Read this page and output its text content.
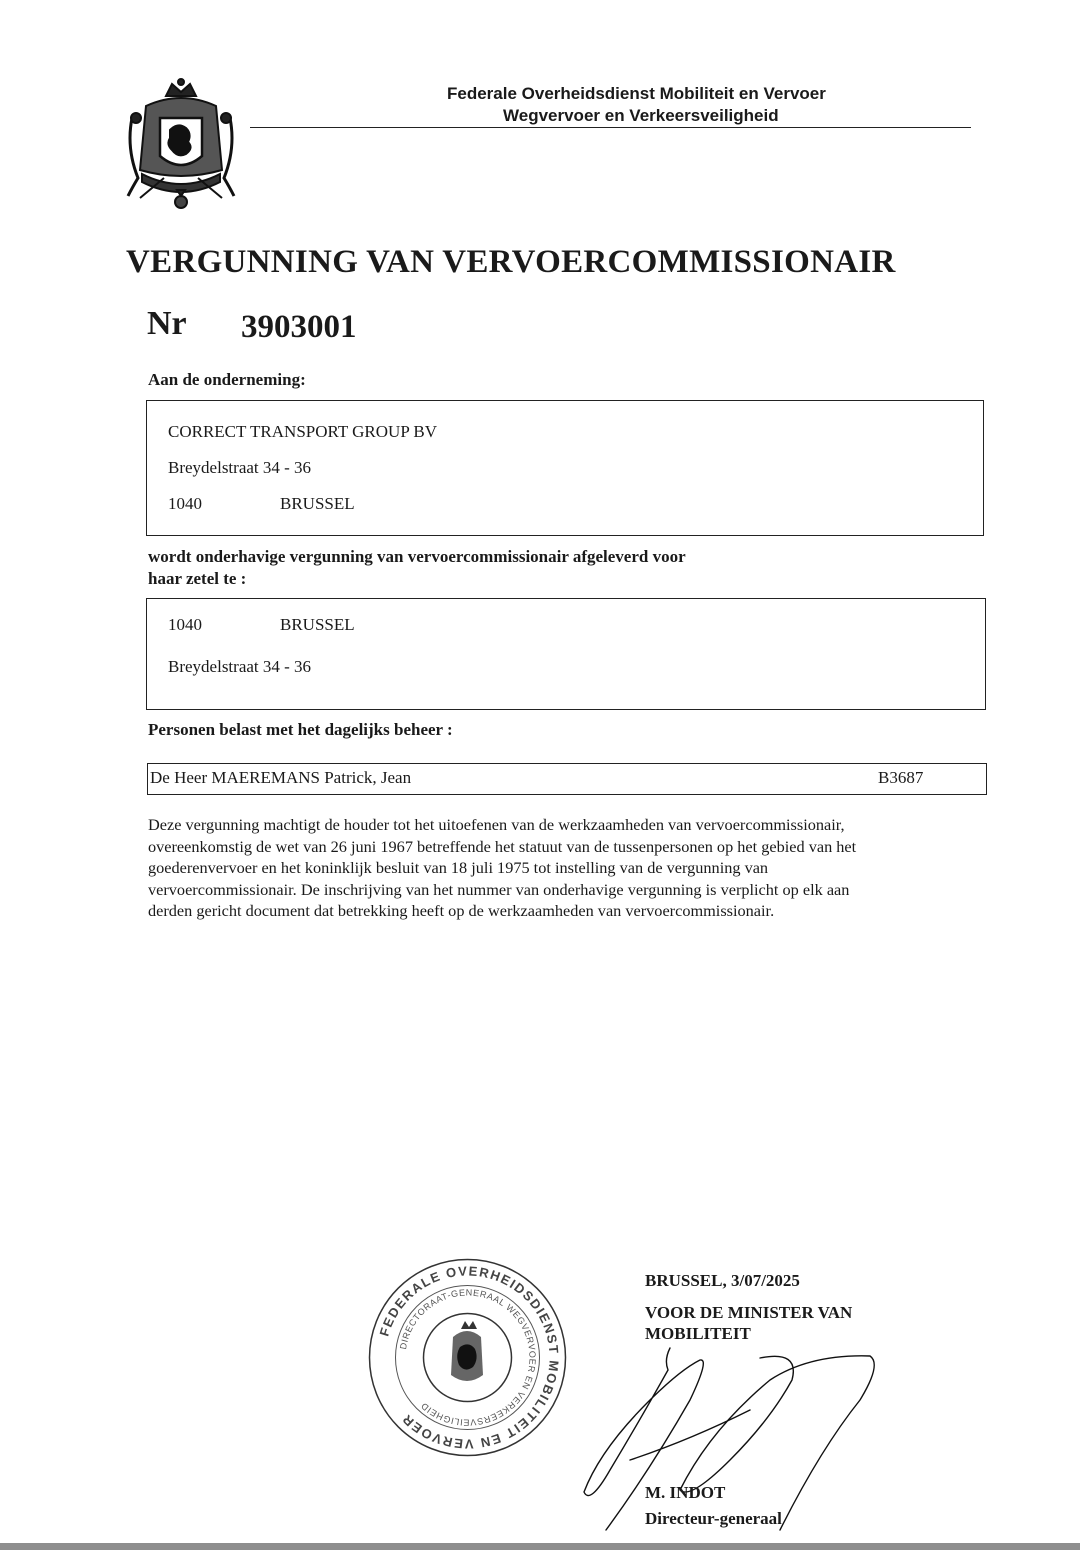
Federale Overheidsdienst Mobiliteit en Vervoer
Wegvervoer en Verkeersveiligheid
VERGUNNING VAN VERVOERCOMMISSIONAIR
Nr 3903001
Aan de onderneming:
CORRECT TRANSPORT GROUP BV
Breydelstraat 34 - 36
1040	BRUSSEL
wordt onderhavige vergunning van vervoercommissionair afgeleverd voor
haar zetel te :
1040	BRUSSEL
Breydelstraat 34 - 36
Personen belast met het dagelijks beheer :
De Heer MAEREMANS Patrick, Jean	B3687
Deze vergunning machtigt de houder tot het uitoefenen van de werkzaamheden van vervoercommissionair,
overeenkomstig de wet van 26 juni 1967 betreffende het statuut van de tussenpersonen op het gebied van het
goederenvervoer en het koninklijk besluit van 18 juli 1975 tot instelling van de vergunning van
vervoercommissionair. De inschrijving van het nummer van onderhavige vergunning is verplicht op elk aan
derden gericht document dat betrekking heeft op de werkzaamheden van vervoercommissionair.
FEDERALE OVERHEIDSDIENST MOBILITEIT EN VERVOER
DIRECTORAAT-GENERAAL WEGVERVOER EN VERKEERSVEILIGHEID
BRUSSEL, 3/07/2025
VOOR DE MINISTER VAN
MOBILITEIT
M. INDOT
Directeur-generaal
